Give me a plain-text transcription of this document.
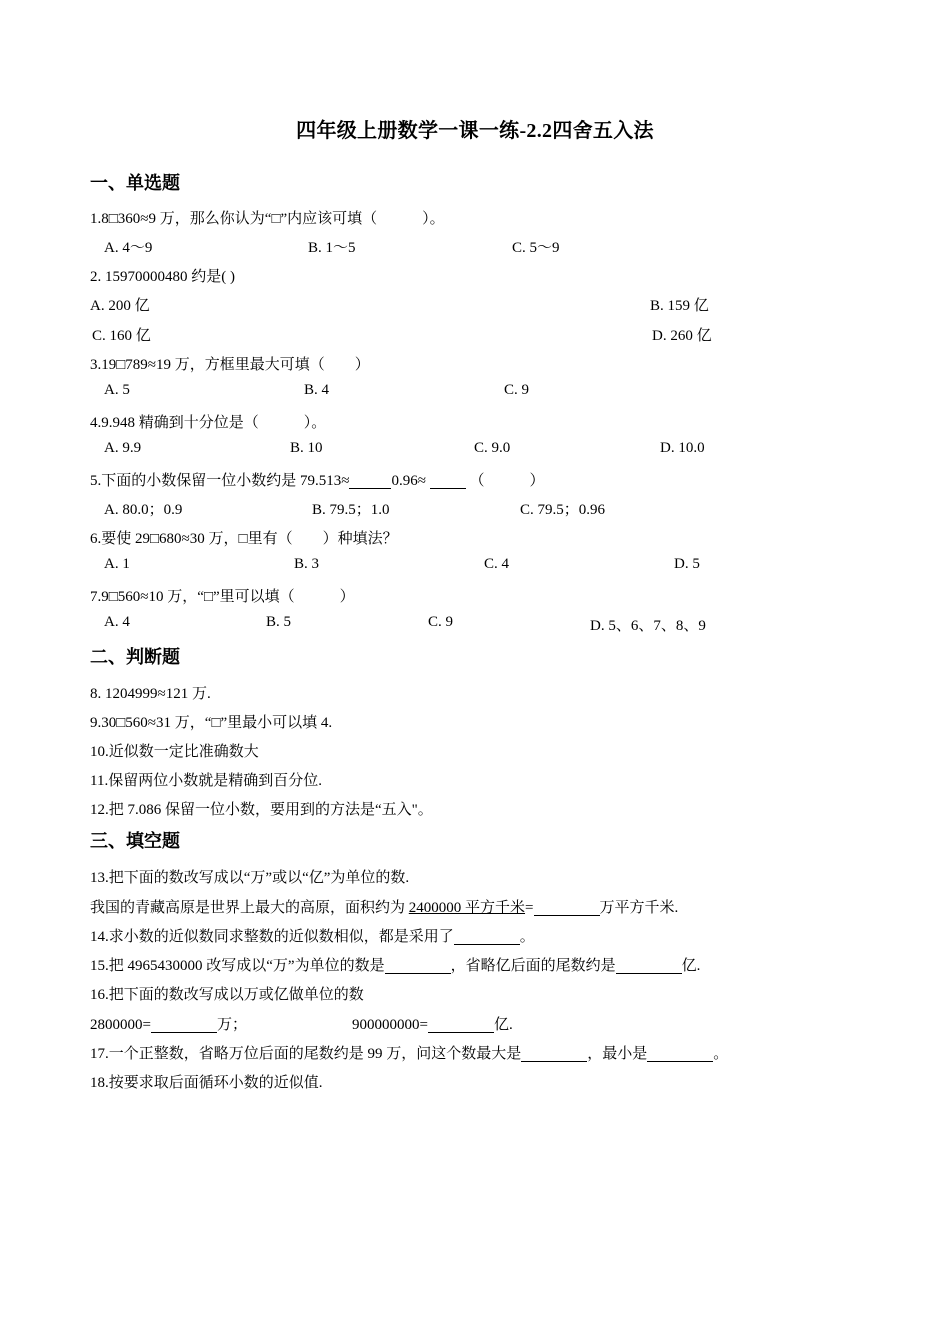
四年级上册数学一课一练-2.2四舍五入法
一、单选题
1.8□360≈9 万，那么你认为“□”内应该可填（　　　）。
A. 4～9	B. 1～5	C. 5～9
2. 15970000480 约是( )
A. 200 亿	B. 159 亿
C. 160 亿	D. 260 亿
3.19□789≈19 万，方框里最大可填（　　）
A. 5	B. 4	C. 9
4.9.948 精确到十分位是（　　　）。
A. 9.9	B. 10	C. 9.0	D. 10.0
5.下面的小数保留一位小数约是 79.513≈	0.96≈	（　　　）
A. 80.0；0.9	B. 79.5；1.0	C. 79.5；0.96
6.要使 29□680≈30 万，□里有（　　）种填法？
A. 1	B. 3	C. 4	D. 5
7.9□560≈10 万，“□”里可以填（　　　）
A. 4	B. 5	C. 9	D. 5、6、7、8、9
二、判断题
8. 1204999≈121 万.
9.30□560≈31 万，“□”里最小可以填 4.
10.近似数一定比准确数大
11.保留两位小数就是精确到百分位.
12.把 7.086 保留一位小数，要用到的方法是“五入"。
三、填空题
13.把下面的数改写成以“万”或以“亿”为单位的数.
我国的青藏高原是世界上最大的高原，面积约为 2400000 平方千米=	万平方千米.
14.求小数的近似数同求整数的近似数相似，都是采用了	。
15.把 4965430000 改写成以“万”为单位的数是	，省略亿后面的尾数约是	亿.
16.把下面的数改写成以万或亿做单位的数
2800000=	万；	900000000=	亿.
17.一个正整数，省略万位后面的尾数约是 99 万，问这个数最大是	，最小是	。
18.按要求取后面循环小数的近似值.
